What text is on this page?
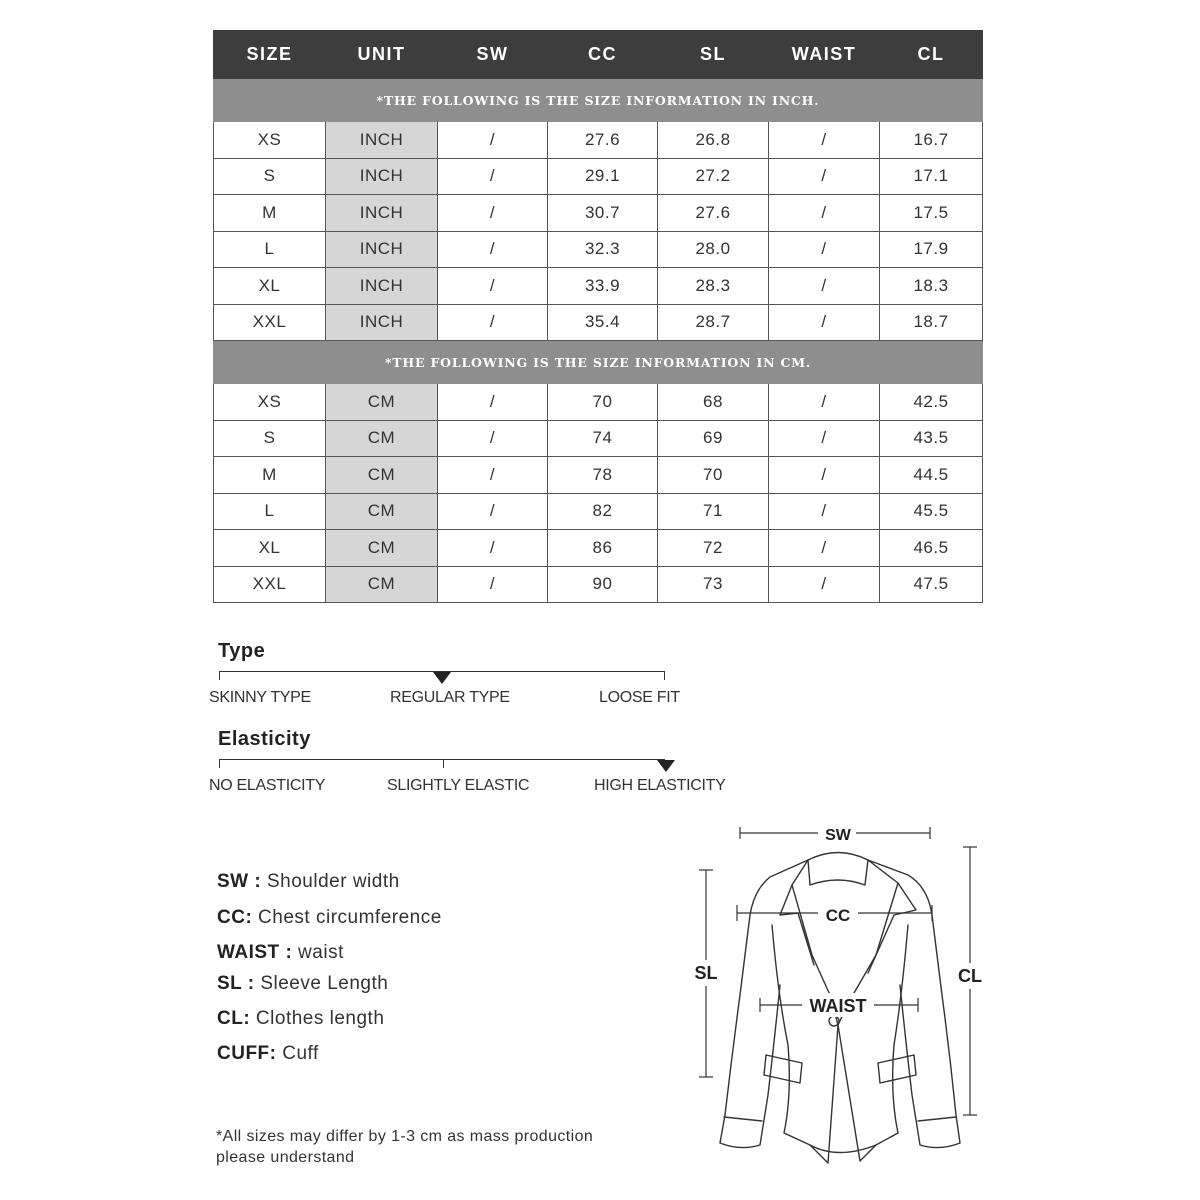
SIZE	UNIT	SW	CC	SL	WAIST	CL
*THE FOLLOWING IS THE SIZE INFORMATION IN INCH.						
XS	INCH	/	27.6	26.8	/	16.7
S	INCH	/	29.1	27.2	/	17.1
M	INCH	/	30.7	27.6	/	17.5
L	INCH	/	32.3	28.0	/	17.9
XL	INCH	/	33.9	28.3	/	18.3
XXL	INCH	/	35.4	28.7	/	18.7
*THE FOLLOWING IS THE SIZE INFORMATION IN CM.						
XS	CM	/	70	68	/	42.5
S	CM	/	74	69	/	43.5
M	CM	/	78	70	/	44.5
L	CM	/	82	71	/	45.5
XL	CM	/	86	72	/	46.5
XXL	CM	/	90	73	/	47.5
Type
SKINNY TYPE	REGULAR TYPE	LOOSE FIT
Elasticity
NO ELASTICITY	SLIGHTLY ELASTIC	HIGH ELASTICITY
SW : Shoulder width
CC: Chest circumference
WAIST : waist
SL : Sleeve Length
CL: Clothes length
CUFF: Cuff
*All sizes may differ by 1-3 cm as mass production
please understand
SW
CC
SL
WAIST
CL
